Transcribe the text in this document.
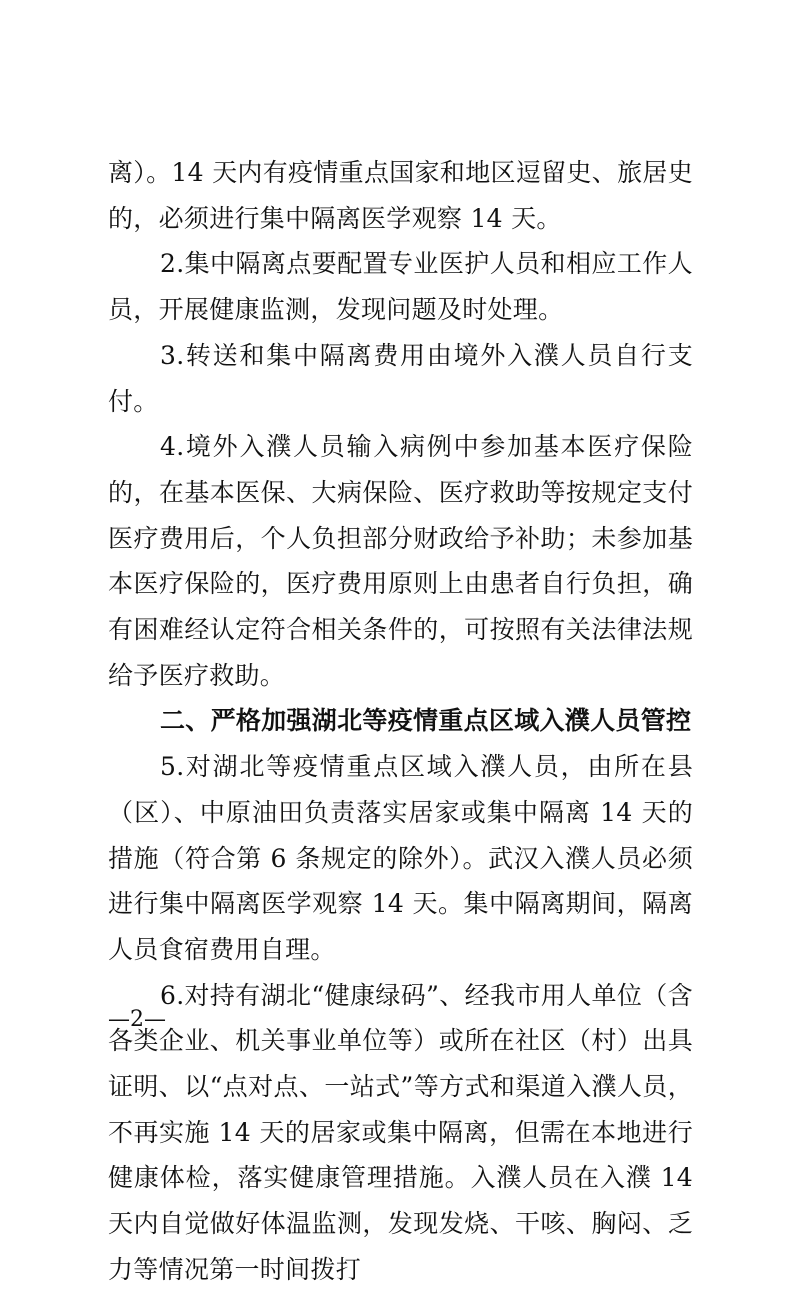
离）。14 天内有疫情重点国家和地区逗留史、旅居史的，必须进行集中隔离医学观察 14 天。

2.集中隔离点要配置专业医护人员和相应工作人员，开展健康监测，发现问题及时处理。

3.转送和集中隔离费用由境外入濮人员自行支付。

4.境外入濮人员输入病例中参加基本医疗保险的，在基本医保、大病保险、医疗救助等按规定支付医疗费用后，个人负担部分财政给予补助；未参加基本医疗保险的，医疗费用原则上由患者自行负担，确有困难经认定符合相关条件的，可按照有关法律法规给予医疗救助。

二、严格加强湖北等疫情重点区域入濮人员管控

5.对湖北等疫情重点区域入濮人员，由所在县（区）、中原油田负责落实居家或集中隔离 14 天的措施（符合第 6 条规定的除外）。武汉入濮人员必须进行集中隔离医学观察 14 天。集中隔离期间，隔离人员食宿费用自理。

6.对持有湖北“健康绿码”、经我市用人单位（含各类企业、机关事业单位等）或所在社区（村）出具证明、以“点对点、一站式”等方式和渠道入濮人员，不再实施 14 天的居家或集中隔离，但需在本地进行健康体检，落实健康管理措施。入濮人员在入濮 14 天内自觉做好体温监测，发现发烧、干咳、胸闷、乏力等情况第一时间拨打

—2—
